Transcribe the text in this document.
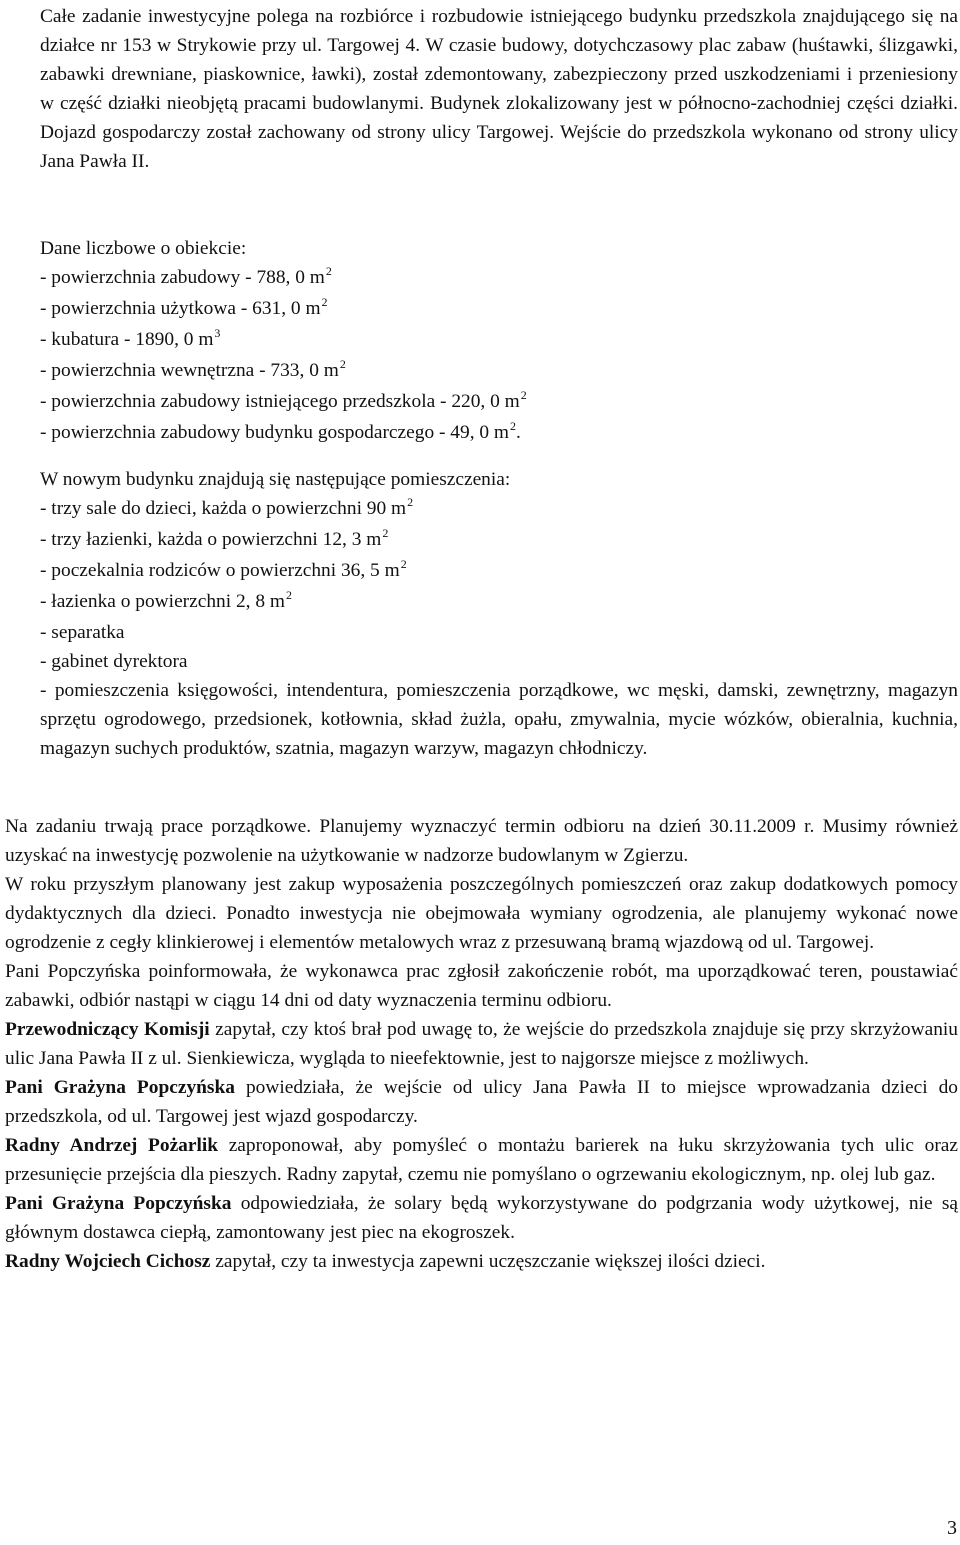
Całe zadanie inwestycyjne polega na rozbiórce i rozbudowie istniejącego budynku przedszkola znajdującego się na działce nr 153 w Strykowie przy ul. Targowej 4. W czasie budowy, dotychczasowy plac zabaw (huśtawki, ślizgawki, zabawki drewniane, piaskownice, ławki), został zdemontowany, zabezpieczony przed uszkodzeniami i przeniesiony w część działki nieobjętą pracami budowlanymi. Budynek zlokalizowany jest w północno-zachodniej części działki. Dojazd gospodarczy został zachowany od strony ulicy Targowej. Wejście do przedszkola wykonano od strony ulicy Jana Pawła II.
Dane liczbowe o obiekcie:
- powierzchnia zabudowy - 788, 0 $m^2$
- powierzchnia użytkowa - 631, 0 $m^2$
- kubatura - 1890, 0 $m^3$
- powierzchnia wewnętrzna - 733, 0 $m^2$
- powierzchnia zabudowy istniejącego przedszkola - 220, 0 $m^2$
- powierzchnia zabudowy budynku gospodarczego - 49, 0 $m^2$.
W nowym budynku znajdują się następujące pomieszczenia:
- trzy sale do dzieci, każda o powierzchni 90 $m^2$
- trzy łazienki, każda o powierzchni 12, 3 $m^2$
- poczekalnia rodziców o powierzchni 36, 5 $m^2$
- łazienka o powierzchni 2, 8 $m^2$
- separatka
- gabinet dyrektora
- pomieszczenia księgowości, intendentura, pomieszczenia porządkowe, wc męski, damski, zewnętrzny, magazyn sprzętu ogrodowego, przedsionek, kotłownia, skład żużla, opału, zmywalnia, mycie wózków, obieralnia, kuchnia, magazyn suchych produktów, szatnia, magazyn warzyw, magazyn chłodniczy.

Na zadaniu trwają prace porządkowe. Planujemy wyznaczyć termin odbioru na dzień 30.11.2009 r. Musimy również uzyskać na inwestycję pozwolenie na użytkowanie w nadzorze budowlanym w Zgierzu.

W roku przyszłym planowany jest zakup wyposażenia poszczególnych pomieszczeń oraz zakup dodatkowych pomocy dydaktycznych dla dzieci. Ponadto inwestycja nie obejmowała wymiany ogrodzenia, ale planujemy wykonać nowe ogrodzenie z cegły klinkierowej i elementów metalowych wraz z przesuwaną bramą wjazdową od ul. Targowej.

Pani Popczyńska poinformowała, że wykonawca prac zgłosił zakończenie robót, ma uporządkować teren, poustawiać zabawki, odbiór nastąpi w ciągu 14 dni od daty wyznaczenia terminu odbioru.

Przewodniczący Komisji zapytał, czy ktoś brał pod uwagę to, że wejście do przedszkola znajduje się przy skrzyżowaniu ulic Jana Pawła II z ul. Sienkiewicza, wygląda to nieefektownie, jest to najgorsze miejsce z możliwych.

Pani Grażyna Popczyńska powiedziała, że wejście od ulicy Jana Pawła II to miejsce wprowadzania dzieci do przedszkola, od ul. Targowej jest wjazd gospodarczy.

Radny Andrzej Pożarlik zaproponował, aby pomyśleć o montażu barierek na łuku skrzyżowania tych ulic oraz przesunięcie przejścia dla pieszych. Radny zapytał, czemu nie pomyślano o ogrzewaniu ekologicznym, np. olej lub gaz.

Pani Grażyna Popczyńska odpowiedziała, że solary będą wykorzystywane do podgrzania wody użytkowej, nie są głównym dostawca ciepłą, zamontowany jest piec na ekogroszek.

Radny Wojciech Cichosz zapytał, czy ta inwestycja zapewni uczęszczanie większej ilości dzieci.

3
